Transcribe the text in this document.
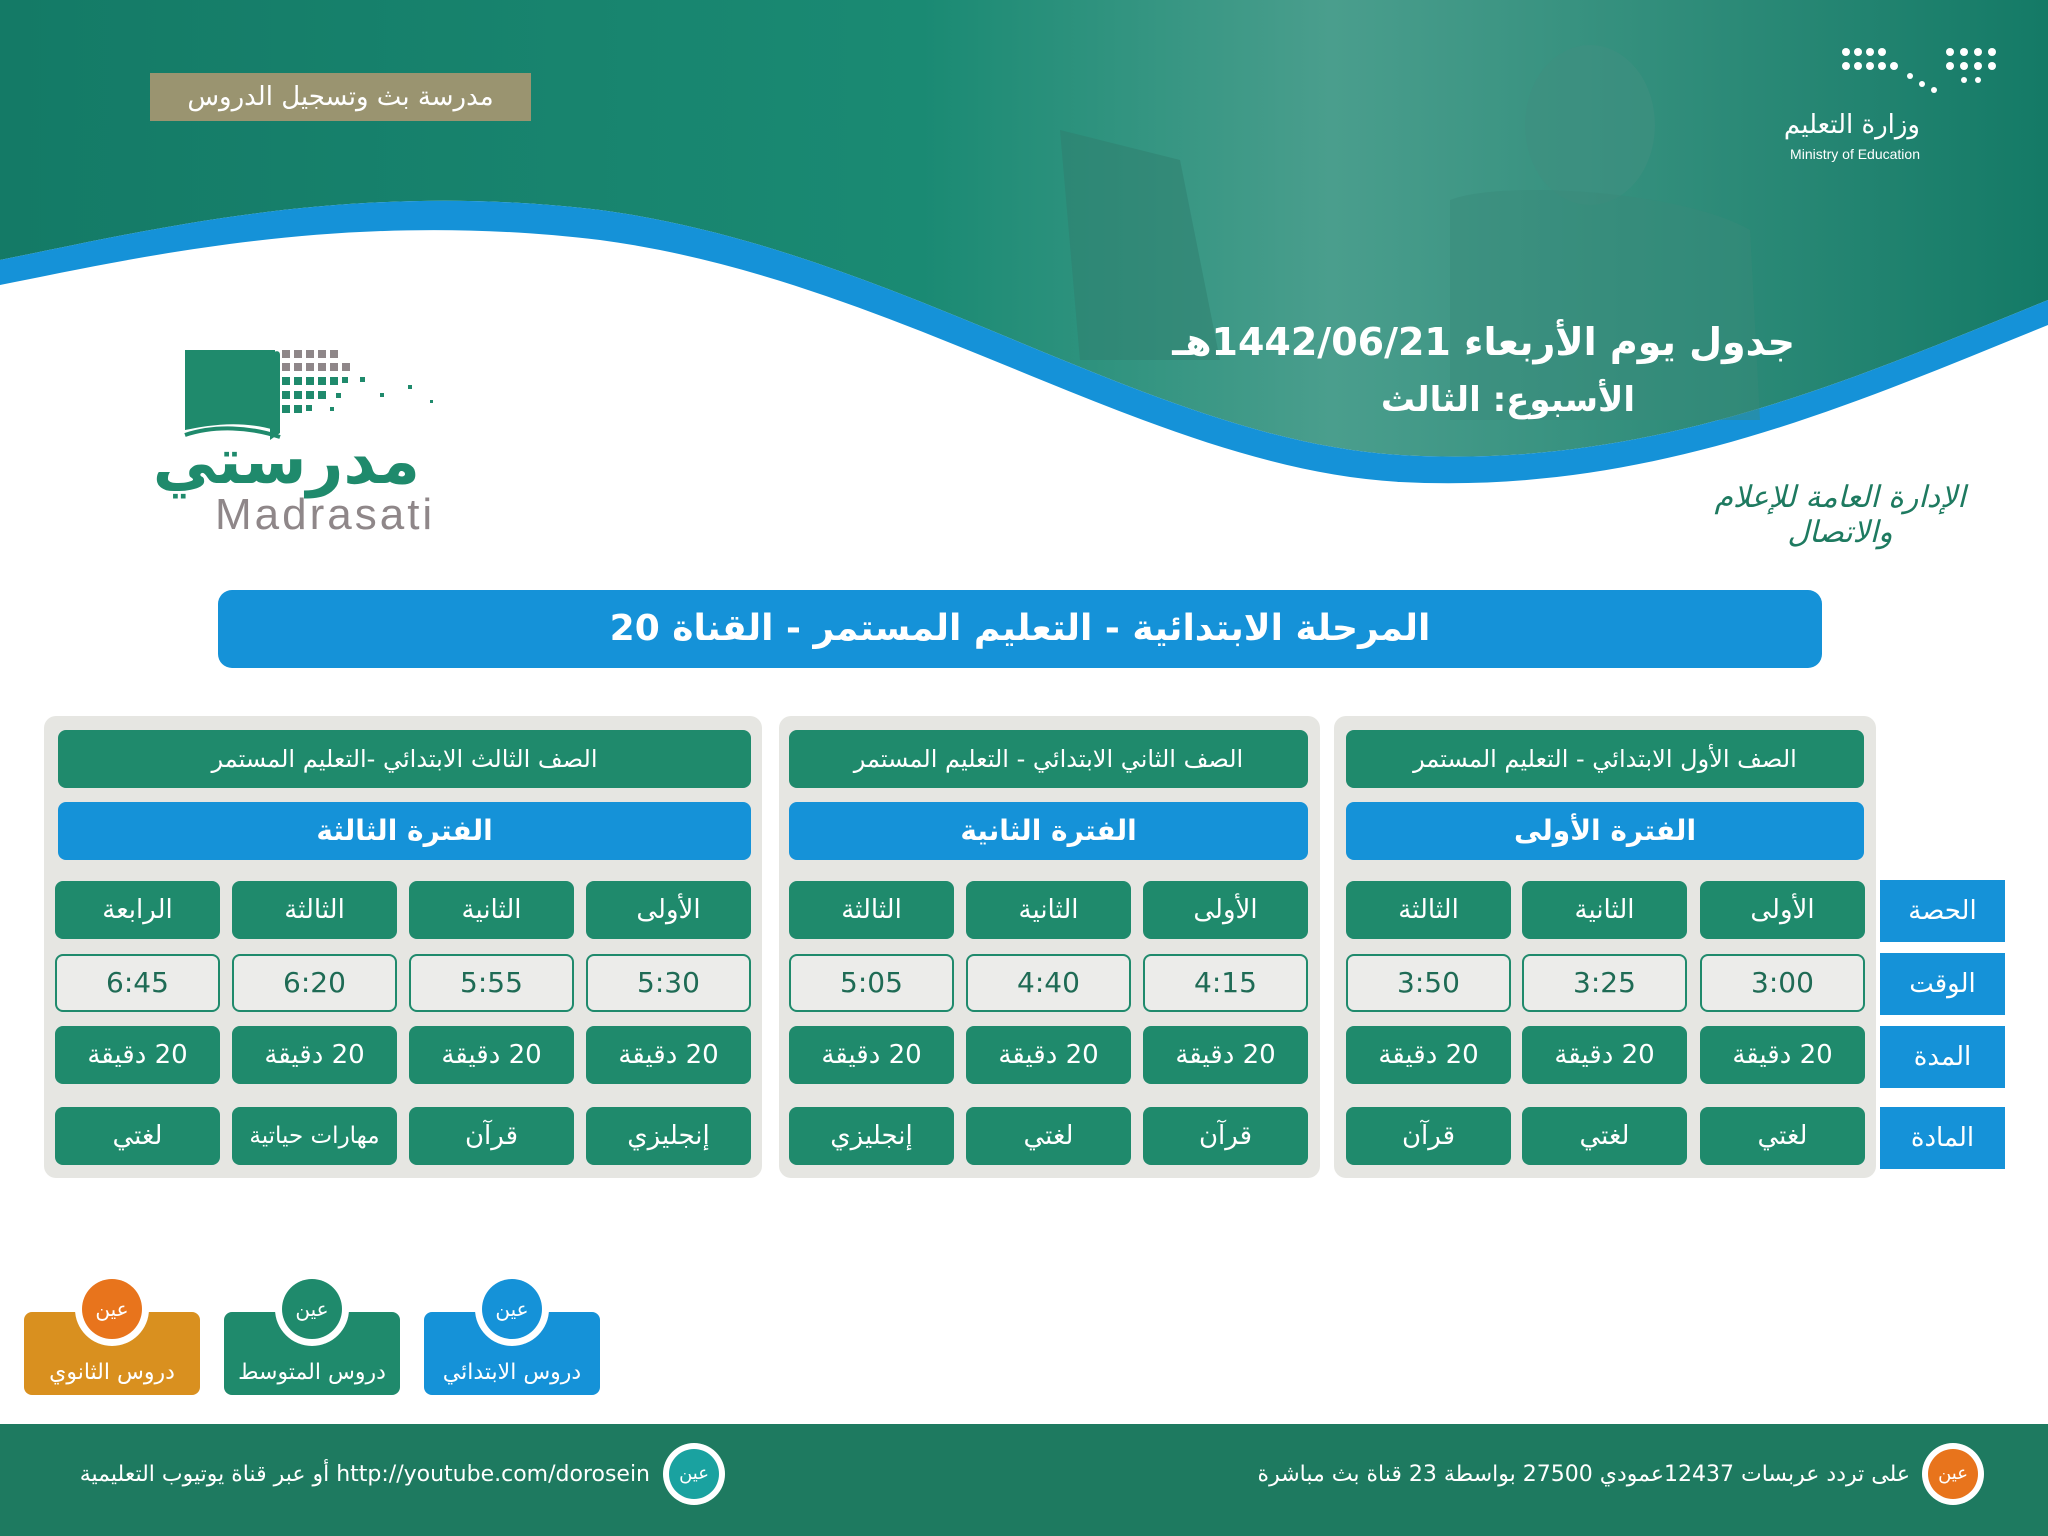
مدرسة بث وتسجيل الدروس
وزارة التعليم
Ministry of Education
جدول يوم الأربعاء 1442/06/21هـ
الأسبوع: الثالث
الإدارة العامة للإعلام والاتصال
مدرستي
Madrasati
المرحلة الابتدائية - التعليم المستمر - القناة 20
الحصة
الوقت
المدة
المادة
الصف الأول الابتدائي - التعليم المستمر
الفترة الأولى
الأولى
الثانية
الثالثة
3:00
3:25
3:50
20 دقيقة
20 دقيقة
20 دقيقة
لغتي
لغتي
قرآن
الصف الثاني الابتدائي - التعليم المستمر
الفترة الثانية
الأولى
الثانية
الثالثة
4:15
4:40
5:05
20 دقيقة
20 دقيقة
20 دقيقة
قرآن
لغتي
إنجليزي
الصف الثالث الابتدائي -التعليم المستمر
الفترة الثالثة
الأولى
الثانية
الثالثة
الرابعة
5:30
5:55
6:20
6:45
20 دقيقة
20 دقيقة
20 دقيقة
20 دقيقة
إنجليزي
قرآن
مهارات حياتية
لغتي
دروس الابتدائي
عين
دروس المتوسط
عين
دروس الثانوي
عين
عين
على تردد عربسات 12437عمودي 27500 بواسطة 23 قناة بث مباشرة
عين
http://youtube.com/dorosein أو عبر قناة يوتيوب التعليمية
